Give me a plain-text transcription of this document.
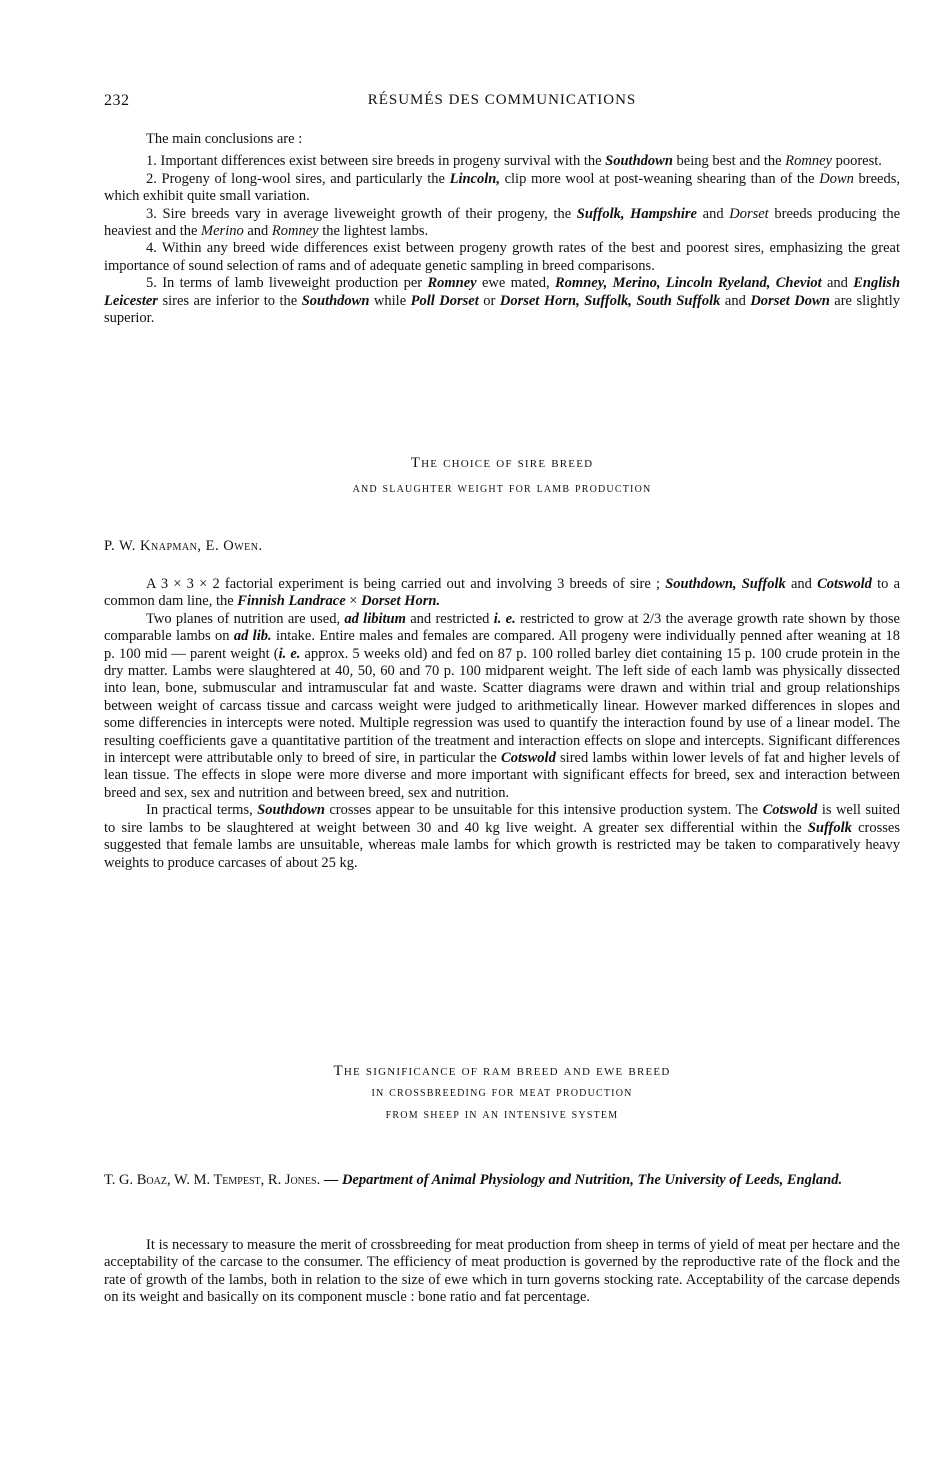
232	RÉSUMÉS DES COMMUNICATIONS

The main conclusions are :

1. Important differences exist between sire breeds in progeny survival with the Southdown being best and the Romney poorest.

2. Progeny of long-wool sires, and particularly the Lincoln, clip more wool at post-weaning shearing than of the Down breeds, which exhibit quite small variation.

3. Sire breeds vary in average liveweight growth of their progeny, the Suffolk, Hampshire and Dorset breeds producing the heaviest and the Merino and Romney the lightest lambs.

4. Within any breed wide differences exist between progeny growth rates of the best and poorest sires, emphasizing the great importance of sound selection of rams and of adequate genetic sampling in breed comparisons.

5. In terms of lamb liveweight production per Romney ewe mated, Romney, Merino, Lincoln Ryeland, Cheviot and English Leicester sires are inferior to the Southdown while Poll Dorset or Dorset Horn, Suffolk, South Suffolk and Dorset Down are slightly superior.

The choice of sire breed

and slaughter weight for lamb production

P. W. Knapman, E. Owen.

A 3 × 3 × 2 factorial experiment is being carried out and involving 3 breeds of sire ; Southdown, Suffolk and Cotswold to a common dam line, the Finnish Landrace × Dorset Horn.

Two planes of nutrition are used, ad libitum and restricted i. e. restricted to grow at 2/3 the average growth rate shown by those comparable lambs on ad lib. intake. Entire males and females are compared. All progeny were individually penned after weaning at 18 p. 100 mid — parent weight (i. e. approx. 5 weeks old) and fed on 87 p. 100 rolled barley diet containing 15 p. 100 crude protein in the dry matter. Lambs were slaughtered at 40, 50, 60 and 70 p. 100 midparent weight. The left side of each lamb was physically dissected into lean, bone, submuscular and intramuscular fat and waste. Scatter diagrams were drawn and within trial and group relationships between weight of carcass tissue and carcass weight were judged to arithmetically linear. However marked differences in slopes and some differencies in intercepts were noted. Multiple regression was used to quantify the interaction found by use of a linear model. The resulting coefficients gave a quantitative partition of the treatment and interaction effects on slope and intercepts. Significant differences in intercept were attributable only to breed of sire, in particular the Cotswold sired lambs within lower levels of fat and higher levels of lean tissue. The effects in slope were more diverse and more important with significant effects for breed, sex and interaction between breed and sex, sex and nutrition and between breed, sex and nutrition.

In practical terms, Southdown crosses appear to be unsuitable for this intensive production system. The Cotswold is well suited to sire lambs to be slaughtered at weight between 30 and 40 kg live weight. A greater sex differential within the Suffolk crosses suggested that female lambs are unsuitable, whereas male lambs for which growth is restricted may be taken to comparatively heavy weights to produce carcases of about 25 kg.

The significance of ram breed and ewe breed

in crossbreeding for meat production

from sheep in an intensive system

T. G. Boaz, W. M. Tempest, R. Jones. — Department of Animal Physiology and Nutrition, The University of Leeds, England.

It is necessary to measure the merit of crossbreeding for meat production from sheep in terms of yield of meat per hectare and the acceptability of the carcase to the consumer. The efficiency of meat production is governed by the reproductive rate of the flock and the rate of growth of the lambs, both in relation to the size of ewe which in turn governs stocking rate. Acceptability of the carcase depends on its weight and basically on its component muscle : bone ratio and fat percentage.
